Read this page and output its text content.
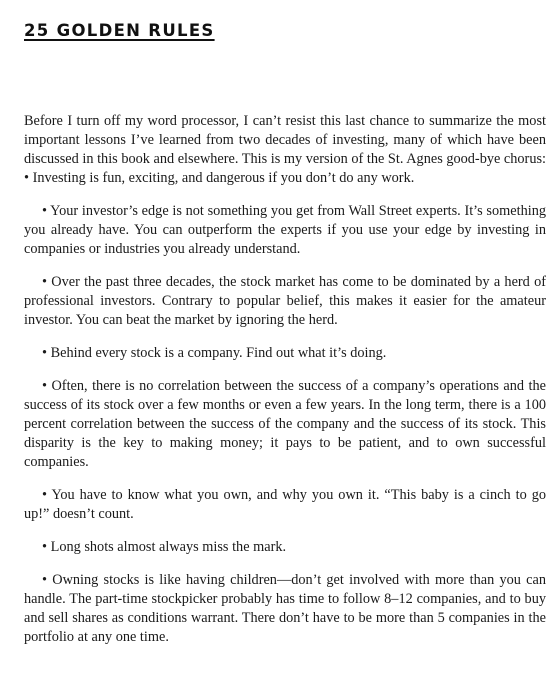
25 GOLDEN RULES

Before I turn off my word processor, I can’t resist this last chance to summarize the most important lessons I’ve learned from two decades of investing, many of which have been discussed in this book and elsewhere. This is my version of the St. Agnes good-bye chorus: • Investing is fun, exciting, and dangerous if you don’t do any work.

• Your investor’s edge is not something you get from Wall Street experts. It’s something you already have. You can outperform the experts if you use your edge by investing in companies or industries you already understand.

• Over the past three decades, the stock market has come to be dominated by a herd of professional investors. Contrary to popular belief, this makes it easier for the amateur investor. You can beat the market by ignoring the herd.

• Behind every stock is a company. Find out what it’s doing.

• Often, there is no correlation between the success of a company’s operations and the success of its stock over a few months or even a few years. In the long term, there is a 100 percent correlation between the success of the company and the success of its stock. This disparity is the key to making money; it pays to be patient, and to own successful companies.

• You have to know what you own, and why you own it. “This baby is a cinch to go up!” doesn’t count.

• Long shots almost always miss the mark.

• Owning stocks is like having children—don’t get involved with more than you can handle. The part-time stockpicker probably has time to follow 8–12 companies, and to buy and sell shares as conditions warrant. There don’t have to be more than 5 companies in the portfolio at any one time.
